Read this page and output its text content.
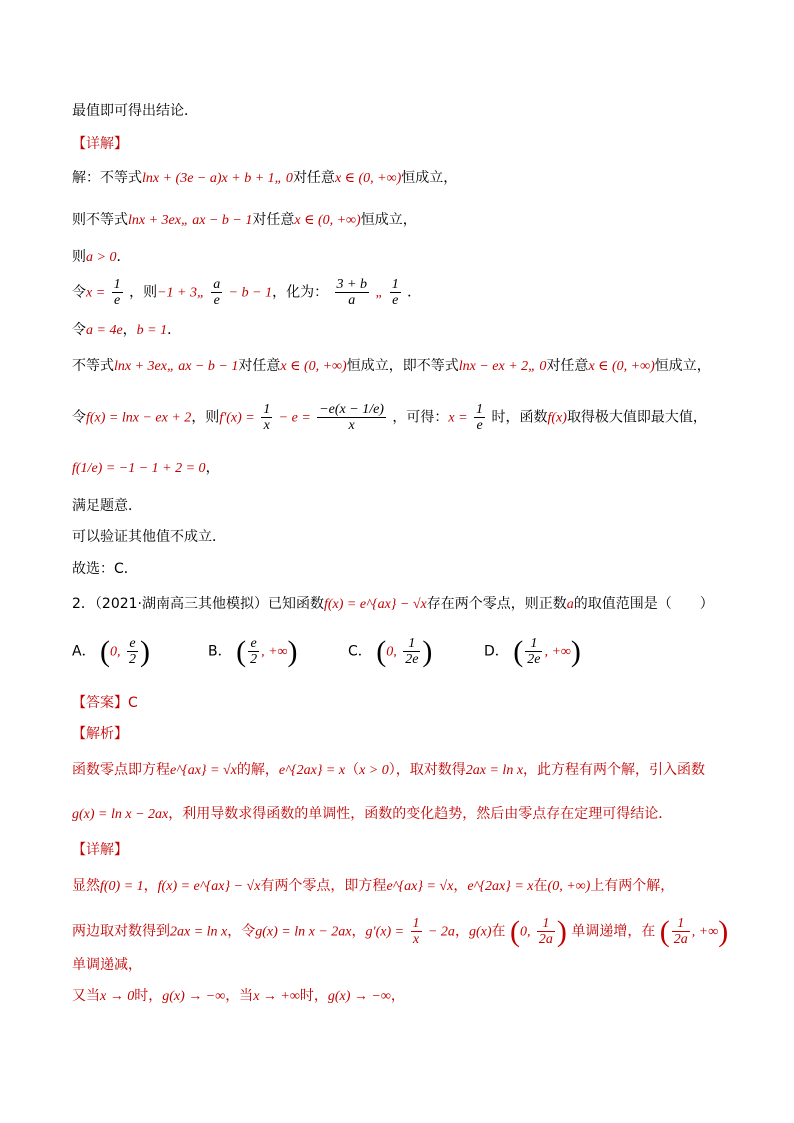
最值即可得出结论．
【详解】
解：不等式lnx + (3e − a)x + b + 1„ 0对任意x ∈ (0, +∞)恒成立，
则不等式lnx + 3ex„ ax − b − 1对任意x ∈ (0, +∞)恒成立，
则a > 0．
令$x = \frac{1}{e}$ ，则−1 + 3„ $\frac{a}{e} - b - 1$，化为： $\frac{3 + b}{a}$ „ $\frac{1}{e}$ ．
令a = 4e，b = 1．
不等式lnx + 3ex„ ax − b − 1对任意x ∈ (0, +∞)恒成立，即不等式lnx − ex + 2„ 0对任意x ∈ (0, +∞)恒成立，
令f(x) = lnx − ex + 2，则$f'(x) = \frac{1}{x} - e = \frac{-e(x - 1/e)}{x}$ ，可得：$x = \frac{1}{e}$ 时，函数f(x)取得极大值即最大值，
f(1/e) = −1 − 1 + 2 = 0，
满足题意．
可以验证其他值不成立．
故选：C．
2．（2021·湖南高三其他模拟）已知函数f(x) = e^{ax} − √x存在两个零点，则正数a的取值范围是（　　）
A． (0, $\frac{e}{2}$ )	B． ( $\frac{e}{2}$ , +∞)	C． (0, $\frac{1}{2e}$ )	D． ( $\frac{1}{2e}$ , +∞)
【答案】C
【解析】
函数零点即方程e^{ax} = √x的解，e^{2ax} = x（x > 0），取对数得2ax = ln x，此方程有两个解，引入函数
g(x) = ln x − 2ax，利用导数求得函数的单调性，函数的变化趋势，然后由零点存在定理可得结论．
【详解】
显然f(0) = 1，f(x) = e^{ax} − √x有两个零点，即方程e^{ax} = √x，e^{2ax} = x在(0, +∞)上有两个解，
两边取对数得到2ax = ln x，令g(x) = ln x − 2ax，$g'(x) = \frac{1}{x} - 2a$，g(x)在 (0, $\frac{1}{2a}$ ) 单调递增，在 ( $\frac{1}{2a}$ , +∞)
单调递减，
又当x → 0时，g(x) → −∞，当x → +∞时，g(x) → −∞，
